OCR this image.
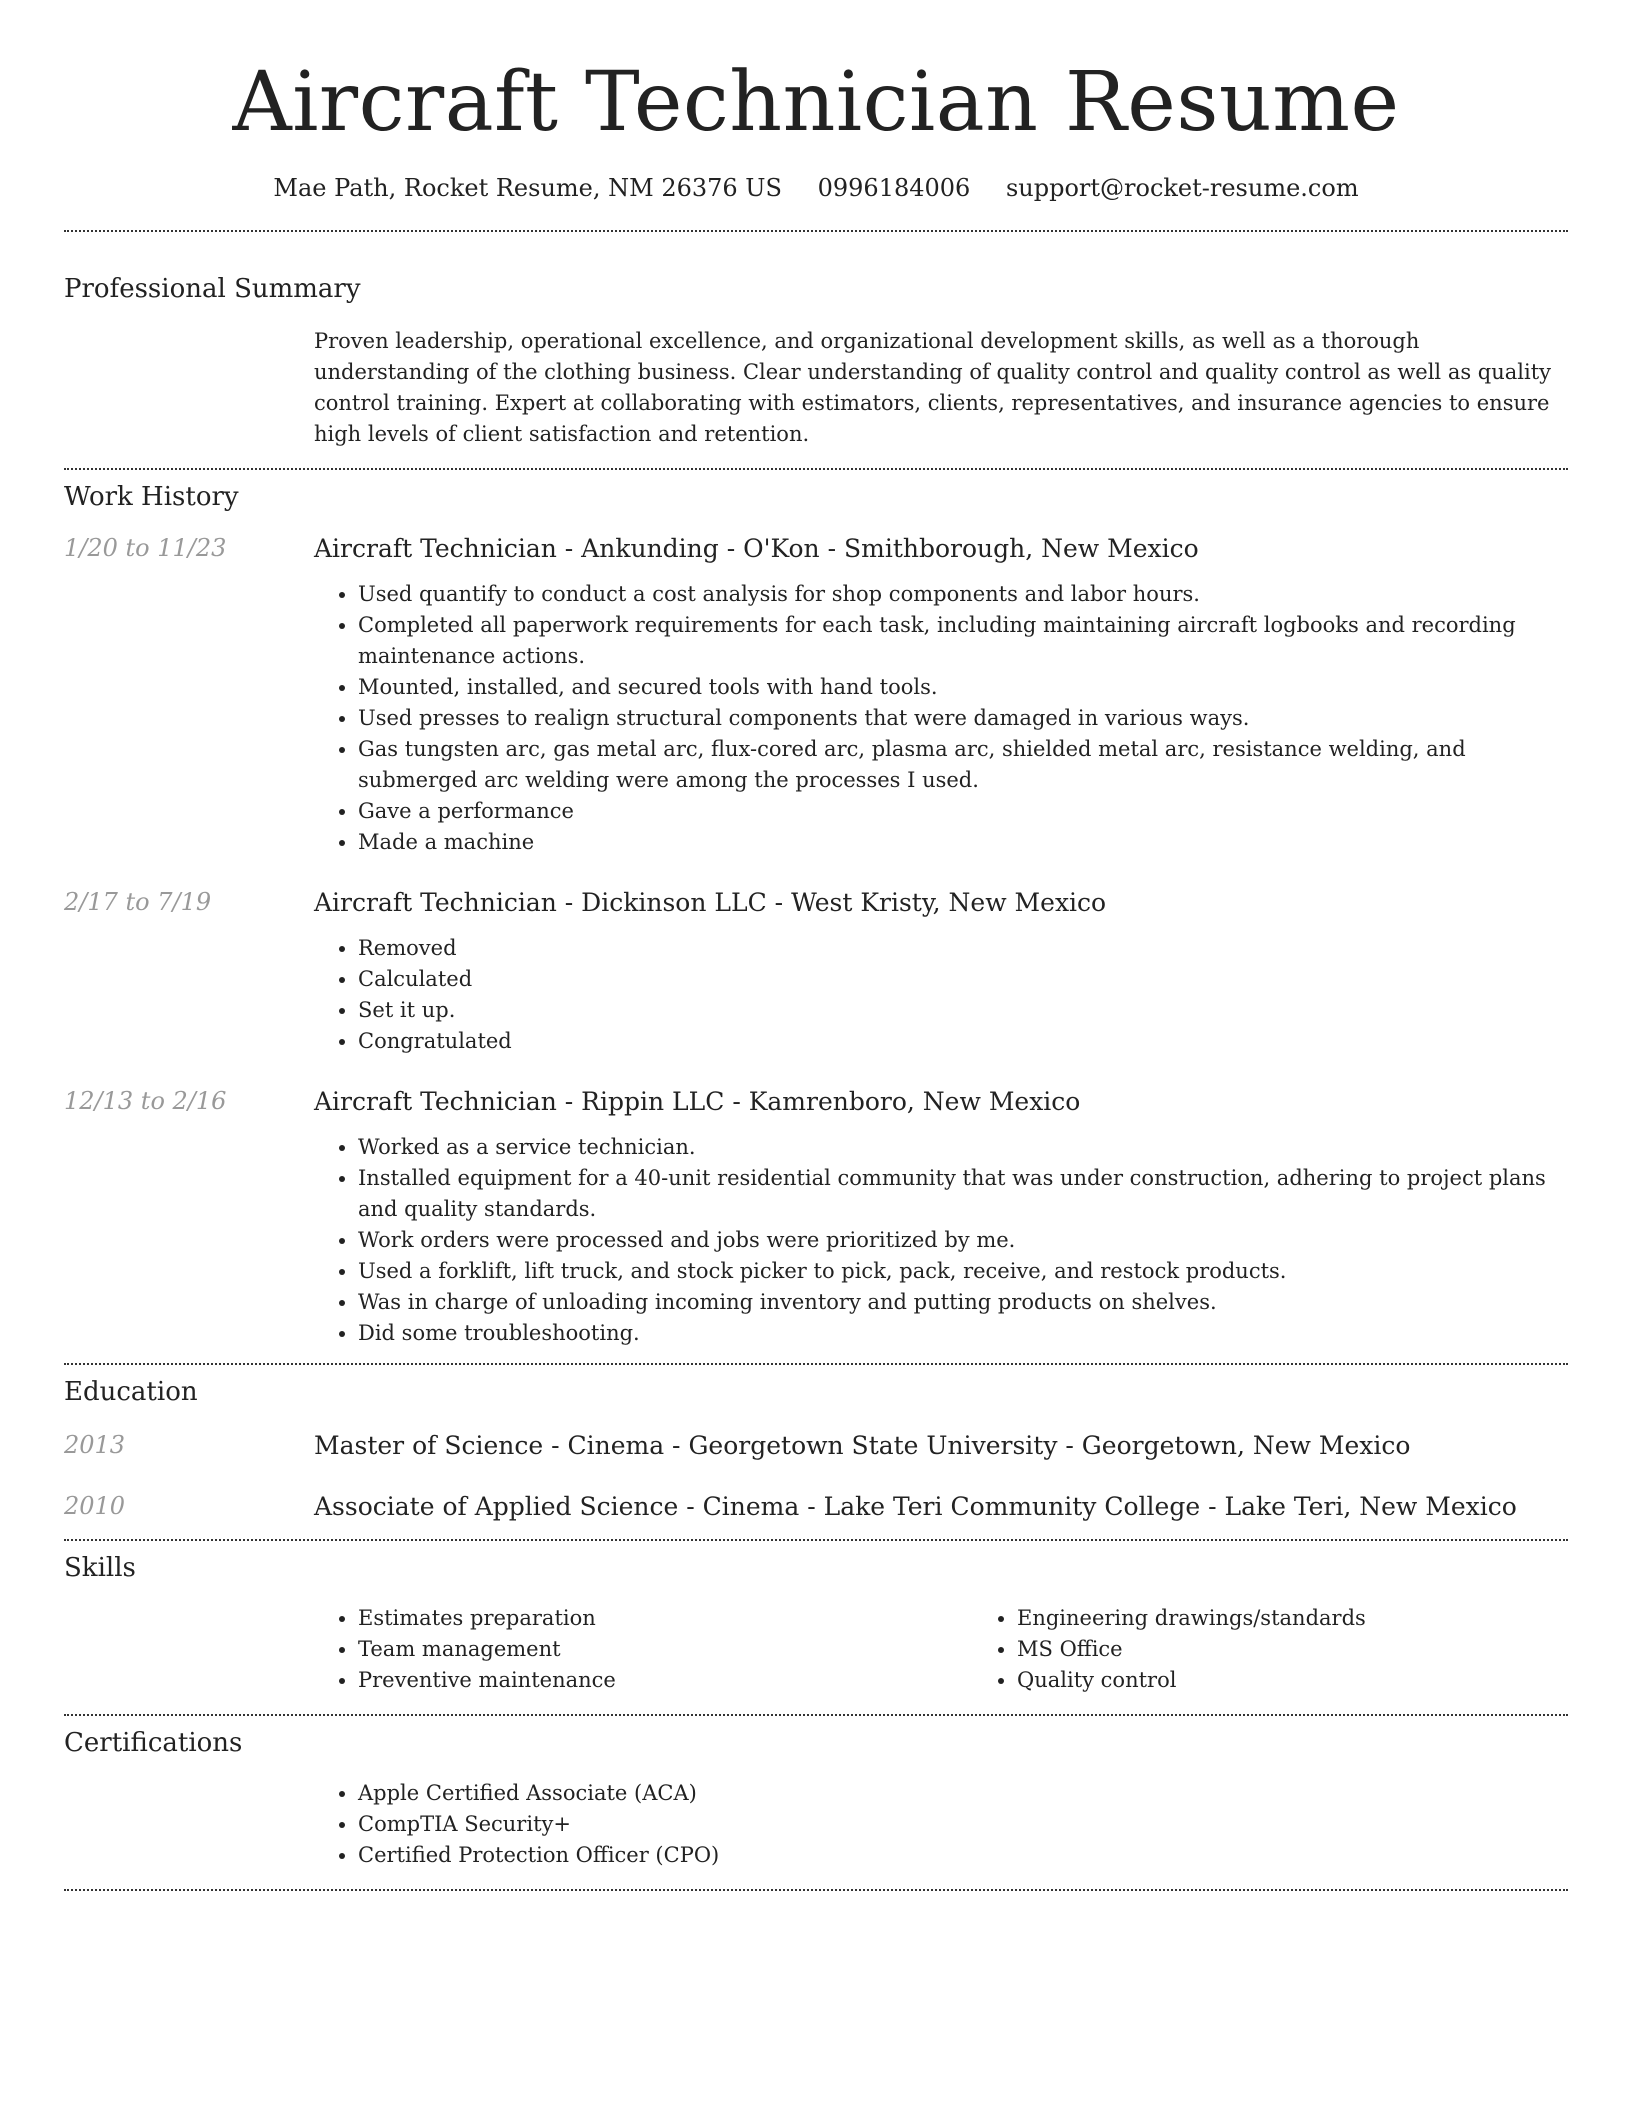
Aircraft Technician Resume
Mae Path, Rocket Resume, NM 26376 US 0996184006 support@rocket-resume.com
Professional Summary
Proven leadership, operational excellence, and organizational development skills, as well as a thorough understanding of the clothing business. Clear understanding of quality control and quality control as well as quality control training. Expert at collaborating with estimators, clients, representatives, and insurance agencies to ensure high levels of client satisfaction and retention.
Work History
1/20 to 11/23	Aircraft Technician - Ankunding - O'Kon - Smithborough, New Mexico
• Used quantify to conduct a cost analysis for shop components and labor hours.
• Completed all paperwork requirements for each task, including maintaining aircraft logbooks and recording maintenance actions.
• Mounted, installed, and secured tools with hand tools.
• Used presses to realign structural components that were damaged in various ways.
• Gas tungsten arc, gas metal arc, flux-cored arc, plasma arc, shielded metal arc, resistance welding, and submerged arc welding were among the processes I used.
• Gave a performance
• Made a machine
2/17 to 7/19	Aircraft Technician - Dickinson LLC - West Kristy, New Mexico
• Removed
• Calculated
• Set it up.
• Congratulated
12/13 to 2/16	Aircraft Technician - Rippin LLC - Kamrenboro, New Mexico
• Worked as a service technician.
• Installed equipment for a 40-unit residential community that was under construction, adhering to project plans and quality standards.
• Work orders were processed and jobs were prioritized by me.
• Used a forklift, lift truck, and stock picker to pick, pack, receive, and restock products.
• Was in charge of unloading incoming inventory and putting products on shelves.
• Did some troubleshooting.
Education
2013	Master of Science - Cinema - Georgetown State University - Georgetown, New Mexico
2010	Associate of Applied Science - Cinema - Lake Teri Community College - Lake Teri, New Mexico
Skills
• Estimates preparation
• Team management
• Preventive maintenance
• Engineering drawings/standards
• MS Office
• Quality control
Certifications
• Apple Certified Associate (ACA)
• CompTIA Security+
• Certified Protection Officer (CPO)
